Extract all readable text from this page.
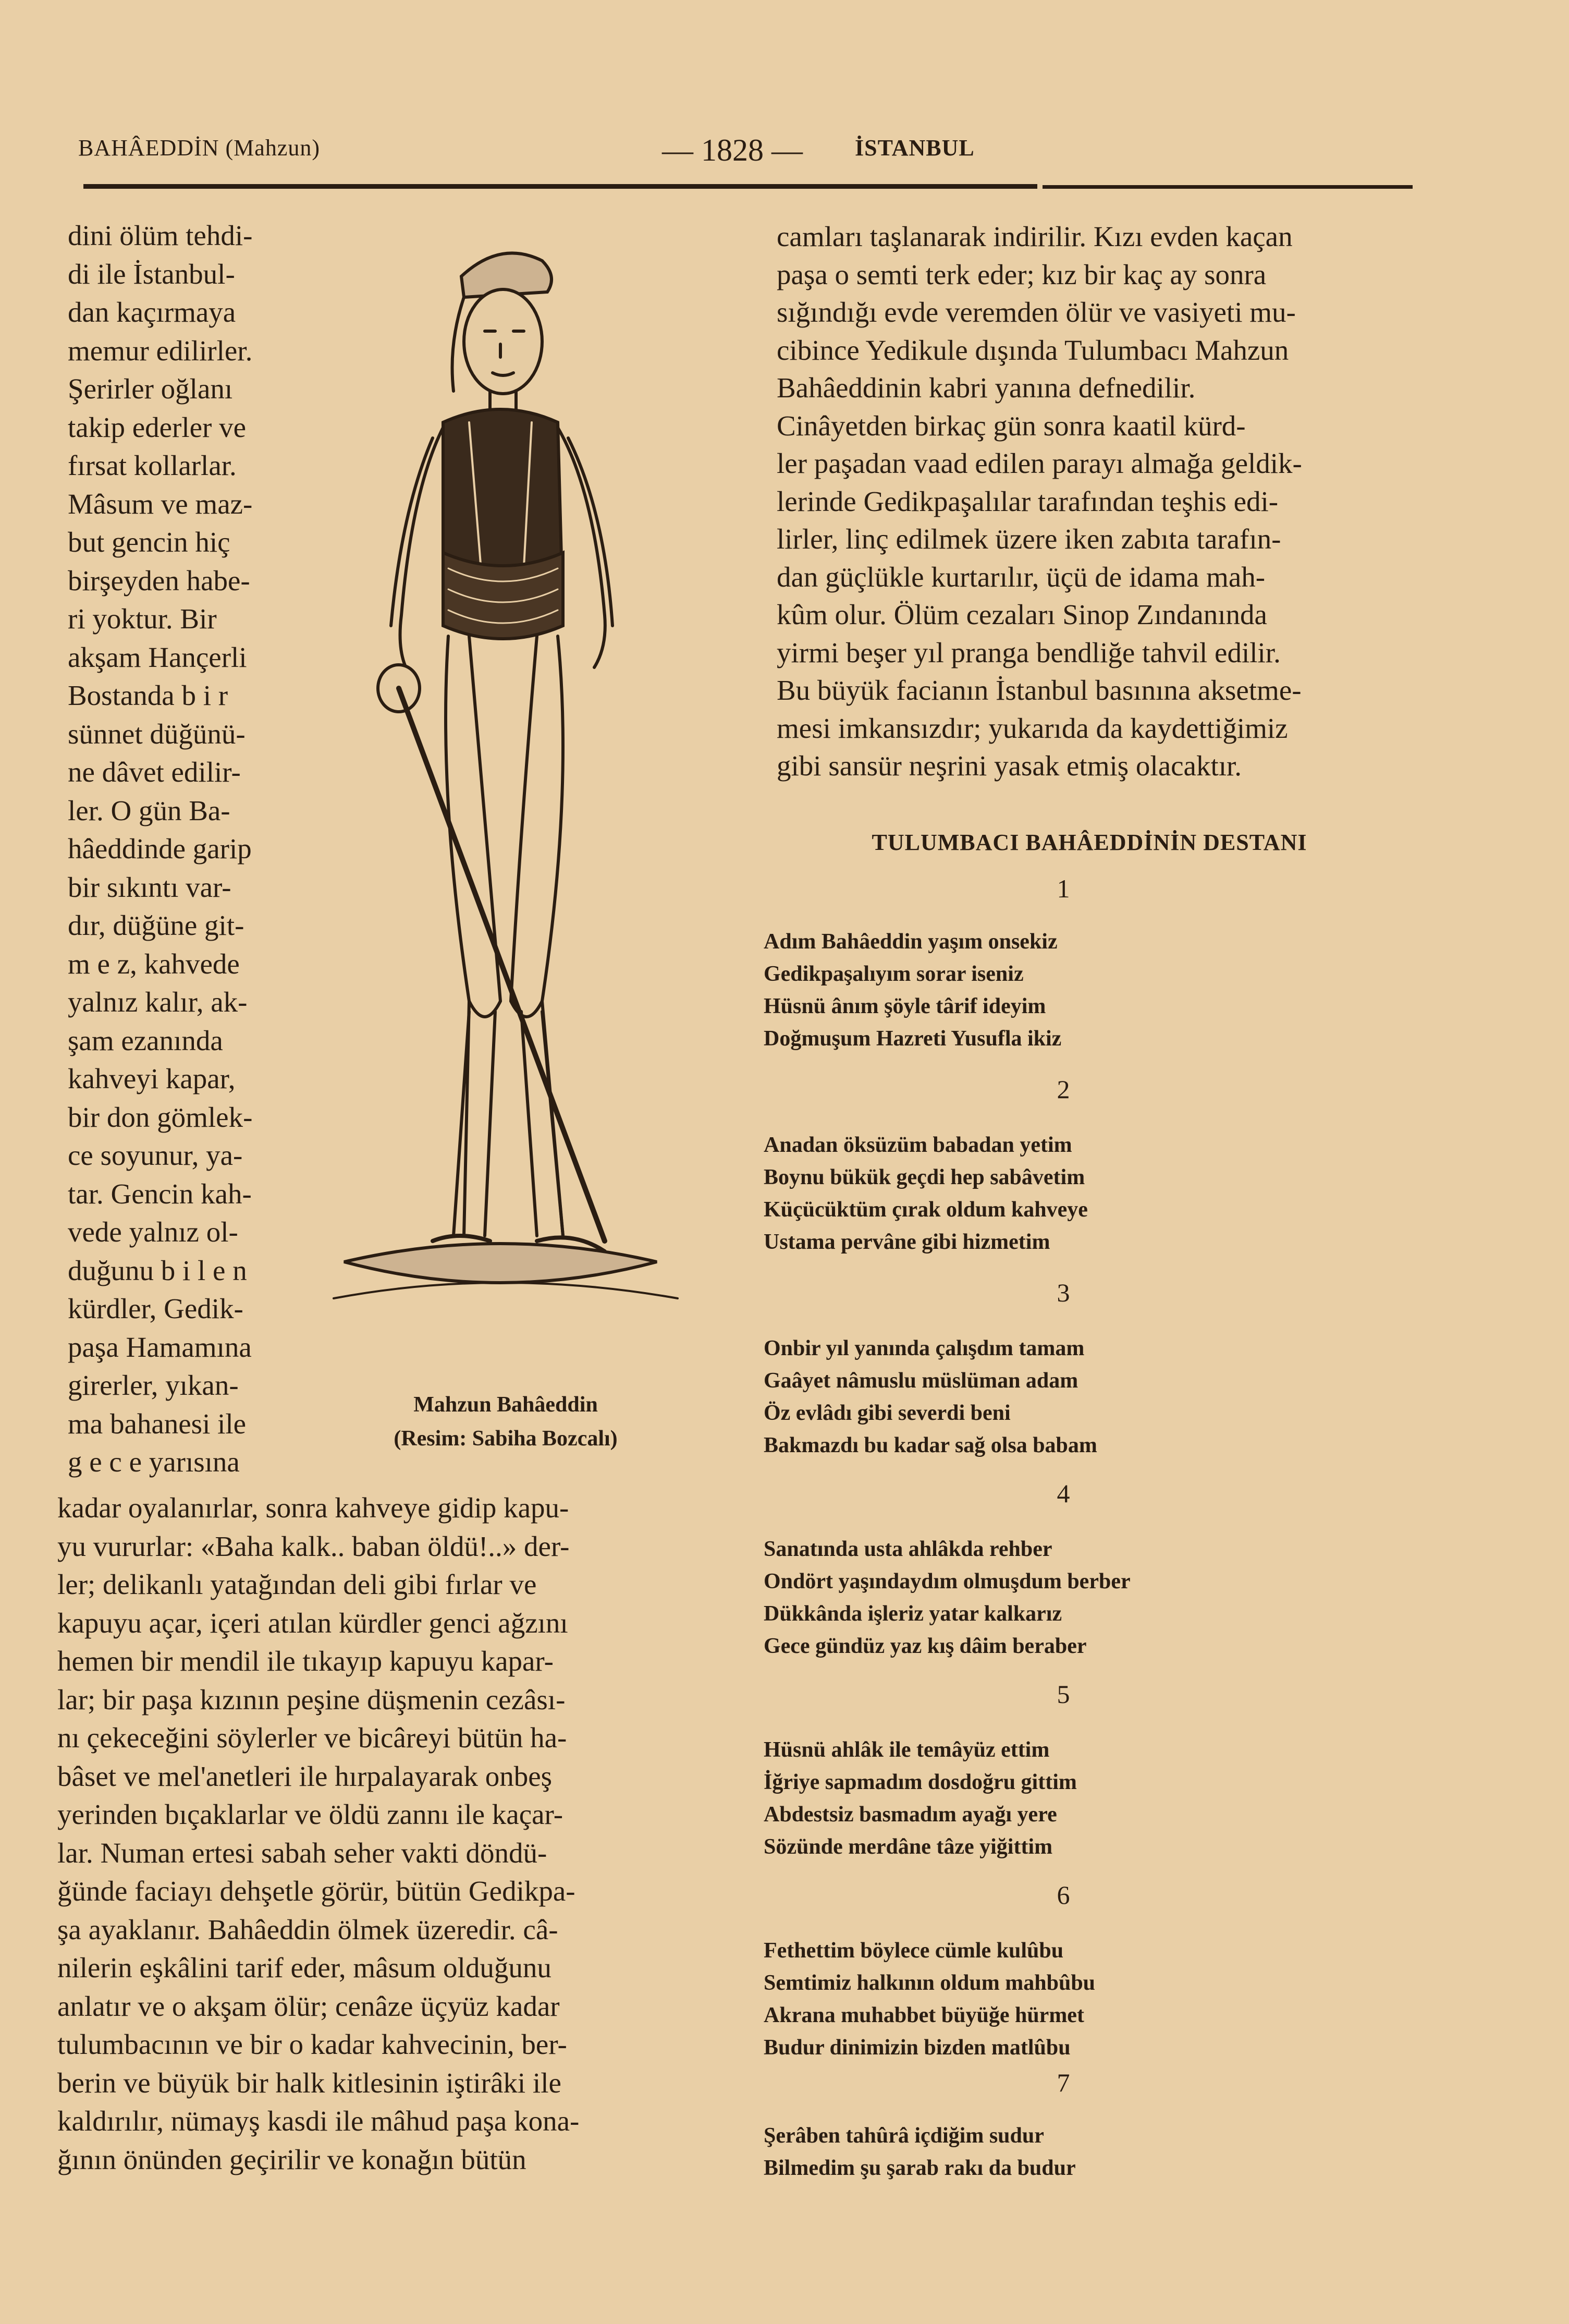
BAHÂEDDİN (Mahzun)	— 1828 — İSTANBUL
dini ölüm tehdi-
di ile İstanbul-
dan kaçırmaya
memur edilirler.
Şerirler oğlanı
takip ederler ve
fırsat kollarlar.
Mâsum ve maz-
but gencin hiç
birşeyden habe-
ri yoktur. Bir
akşam Hançerli
Bostanda b i r
sünnet düğünü-
ne dâvet edilir-
ler. O gün Ba-
hâeddinde garip
bir sıkıntı var-
dır, düğüne git-
m e z, kahvede
yalnız kalır, ak-
şam ezanında
kahveyi kapar,
bir don gömlek-
ce soyunur, ya-
tar. Gencin kah-
vede yalnız ol-
duğunu b i l e n
kürdler, Gedik-
paşa Hamamına
girerler, yıkan-
ma bahanesi ile
g e c e yarısına
Mahzun Bahâeddin
(Resim: Sabiha Bozcalı)
kadar oyalanırlar, sonra kahveye gidip kapu-
yu vururlar: «Baha kalk.. baban öldü!..» der-
ler; delikanlı yatağından deli gibi fırlar ve
kapuyu açar, içeri atılan kürdler genci ağzını
hemen bir mendil ile tıkayıp kapuyu kapar-
lar; bir paşa kızının peşine düşmenin cezâsı-
nı çekeceğini söylerler ve bicâreyi bütün ha-
bâset ve mel'anetleri ile hırpalayarak onbeş
yerinden bıçaklarlar ve öldü zannı ile kaçar-
lar. Numan ertesi sabah seher vakti döndü-
ğünde faciayı dehşetle görür, bütün Gedikpa-
şa ayaklanır. Bahâeddin ölmek üzeredir. câ-
nilerin eşkâlini tarif eder, mâsum olduğunu
anlatır ve o akşam ölür; cenâze üçyüz kadar
tulumbacının ve bir o kadar kahvecinin, ber-
berin ve büyük bir halk kitlesinin iştirâki ile
kaldırılır, nümayş kasdi ile mâhud paşa kona-
ğının önünden geçirilir ve konağın bütün
camları taşlanarak indirilir. Kızı evden kaçan
paşa o semti terk eder; kız bir kaç ay sonra
sığındığı evde veremden ölür ve vasiyeti mu-
cibince Yedikule dışında Tulumbacı Mahzun
Bahâeddinin kabri yanına defnedilir.
Cinâyetden birkaç gün sonra kaatil kürd-
ler paşadan vaad edilen parayı almağa geldik-
lerinde Gedikpaşalılar tarafından teşhis edi-
lirler, linç edilmek üzere iken zabıta tarafın-
dan güçlükle kurtarılır, üçü de idama mah-
kûm olur. Ölüm cezaları Sinop Zındanında
yirmi beşer yıl pranga bendliğe tahvil edilir.
Bu büyük facianın İstanbul basınına aksetme-
mesi imkansızdır; yukarıda da kaydettiğimiz
gibi sansür neşrini yasak etmiş olacaktır.
TULUMBACI BAHÂEDDİNİN DESTANI
1
Adım Bahâeddin yaşım onsekiz
Gedikpaşalıyım sorar iseniz
Hüsnü ânım şöyle târif ideyim
Doğmuşum Hazreti Yusufla ikiz
2
Anadan öksüzüm babadan yetim
Boynu bükük geçdi hep sabâvetim
Küçücüktüm çırak oldum kahveye
Ustama pervâne gibi hizmetim
3
Onbir yıl yanında çalışdım tamam
Gaâyet nâmuslu müslüman adam
Öz evlâdı gibi severdi beni
Bakmazdı bu kadar sağ olsa babam
4
Sanatında usta ahlâkda rehber
Ondört yaşındaydım olmuşdum berber
Dükkânda işleriz yatar kalkarız
Gece gündüz yaz kış dâim beraber
5
Hüsnü ahlâk ile temâyüz ettim
İğriye sapmadım dosdoğru gittim
Abdestsiz basmadım ayağı yere
Sözünde merdâne tâze yiğittim
6
Fethettim böylece cümle kulûbu
Semtimiz halkının oldum mahbûbu
Akrana muhabbet büyüğe hürmet
Budur dinimizin bizden matlûbu
7
Şerâben tahûrâ içdiğim sudur
Bilmedim şu şarab rakı da budur
